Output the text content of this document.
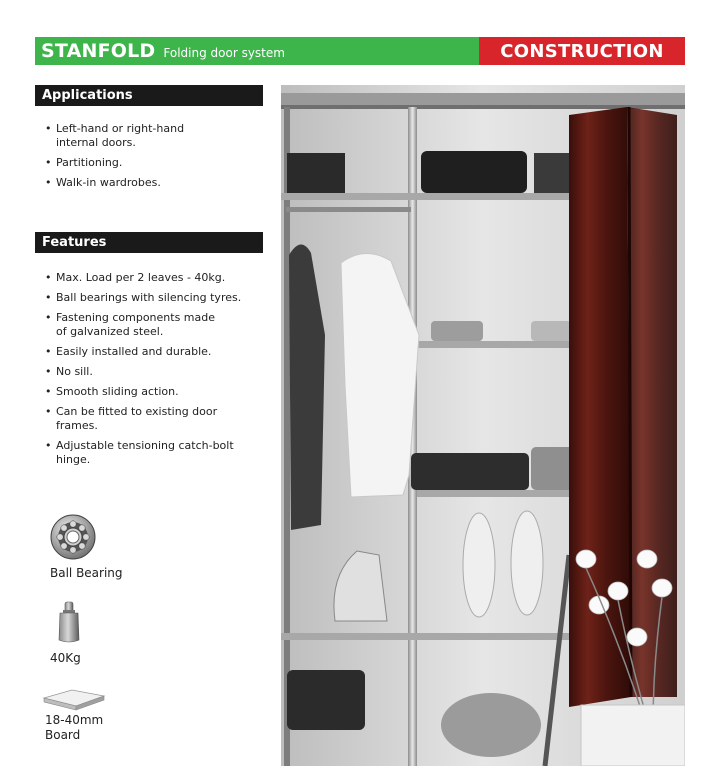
STANFOLD Folding door system	CONSTRUCTION
Applications
• Left-hand or right-hand internal doors.
• Partitioning.
• Walk-in wardrobes.
Features
• Max. Load per 2 leaves - 40kg.
• Ball bearings with silencing tyres.
• Fastening components made of galvanized steel.
• Easily installed and durable.
• No sill.
• Smooth sliding action.
• Can be fitted to existing door frames.
• Adjustable tensioning catch-bolt hinge.
Ball Bearing
40Kg
18-40mm Board
